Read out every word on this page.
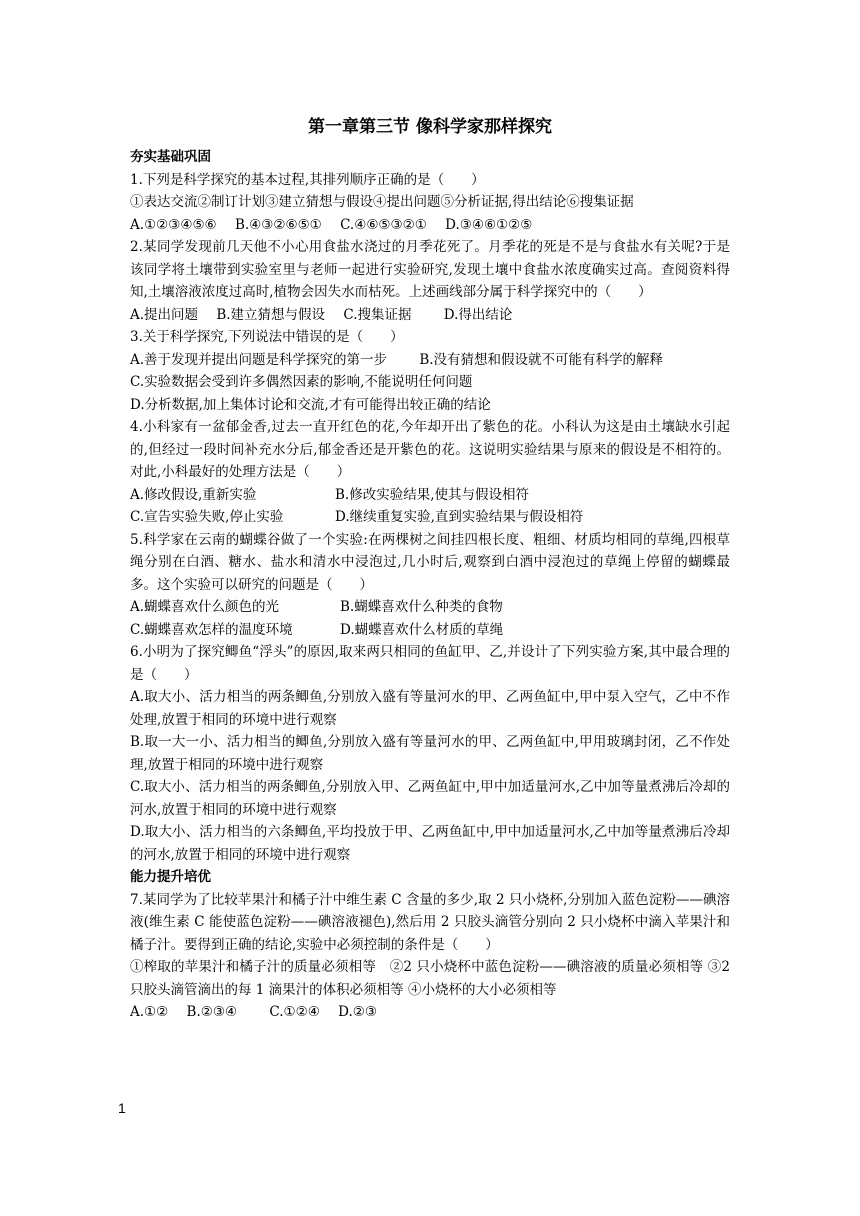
第一章第三节 像科学家那样探究
夯实基础巩固
1.下列是科学探究的基本过程,其排列顺序正确的是（　　）
①表达交流②制订计划③建立猜想与假设④提出问题⑤分析证据,得出结论⑥搜集证据
A.①②③④⑤⑥ B.④③②⑥⑤① C.④⑥⑤③②① D.③④⑥①②⑤
2.某同学发现前几天他不小心用食盐水浇过的月季花死了。月季花的死是不是与食盐水有关呢?于是该同学将土壤带到实验室里与老师一起进行实验研究,发现土壤中食盐水浓度确实过高。查阅资料得知,土壤溶液浓度过高时,植物会因失水而枯死。上述画线部分属于科学探究中的（　　）
A.提出问题 B.建立猜想与假设 C.搜集证据 D.得出结论
3.关于科学探究,下列说法中错误的是（　　）
A.善于发现并提出问题是科学探究的第一步 B.没有猜想和假设就不可能有科学的解释
C.实验数据会受到许多偶然因素的影响,不能说明任何问题
D.分析数据,加上集体讨论和交流,才有可能得出较正确的结论
4.小科家有一盆郁金香,过去一直开红色的花,今年却开出了紫色的花。小科认为这是由土壤缺水引起的,但经过一段时间补充水分后,郁金香还是开紫色的花。这说明实验结果与原来的假设是不相符的。对此,小科最好的处理方法是（　　）
A.修改假设,重新实验	B.修改实验结果,使其与假设相符
C.宣告实验失败,停止实验	D.继续重复实验,直到实验结果与假设相符
5.科学家在云南的蝴蝶谷做了一个实验:在两棵树之间挂四根长度、粗细、材质均相同的草绳,四根草绳分别在白酒、糖水、盐水和清水中浸泡过,几小时后,观察到白酒中浸泡过的草绳上停留的蝴蝶最多。这个实验可以研究的问题是（　　）
A.蝴蝶喜欢什么颜色的光	B.蝴蝶喜欢什么种类的食物
C.蝴蝶喜欢怎样的温度环境	D.蝴蝶喜欢什么材质的草绳
6.小明为了探究鲫鱼“浮头”的原因,取来两只相同的鱼缸甲、乙,并设计了下列实验方案,其中最合理的是（　　）
A.取大小、活力相当的两条鲫鱼,分别放入盛有等量河水的甲、乙两鱼缸中,甲中泵入空气，乙中不作处理,放置于相同的环境中进行观察
B.取一大一小、活力相当的鲫鱼,分别放入盛有等量河水的甲、乙两鱼缸中,甲用玻璃封闭，乙不作处理,放置于相同的环境中进行观察
C.取大小、活力相当的两条鲫鱼,分别放入甲、乙两鱼缸中,甲中加适量河水,乙中加等量煮沸后冷却的河水,放置于相同的环境中进行观察
D.取大小、活力相当的六条鲫鱼,平均投放于甲、乙两鱼缸中,甲中加适量河水,乙中加等量煮沸后冷却的河水,放置于相同的环境中进行观察
能力提升培优
7.某同学为了比较苹果汁和橘子汁中维生素 C 含量的多少,取 2 只小烧杯,分别加入蓝色淀粉——碘溶液(维生素 C 能使蓝色淀粉——碘溶液褪色),然后用 2 只胶头滴管分别向 2 只小烧杯中滴入苹果汁和橘子汁。要得到正确的结论,实验中必须控制的条件是（　　）
①榨取的苹果汁和橘子汁的质量必须相等　②2 只小烧杯中蓝色淀粉——碘溶液的质量必须相等 ③2 只胶头滴管滴出的每 1 滴果汁的体积必须相等 ④小烧杯的大小必须相等
A.①② B.②③④ C.①②④ D.②③
1
